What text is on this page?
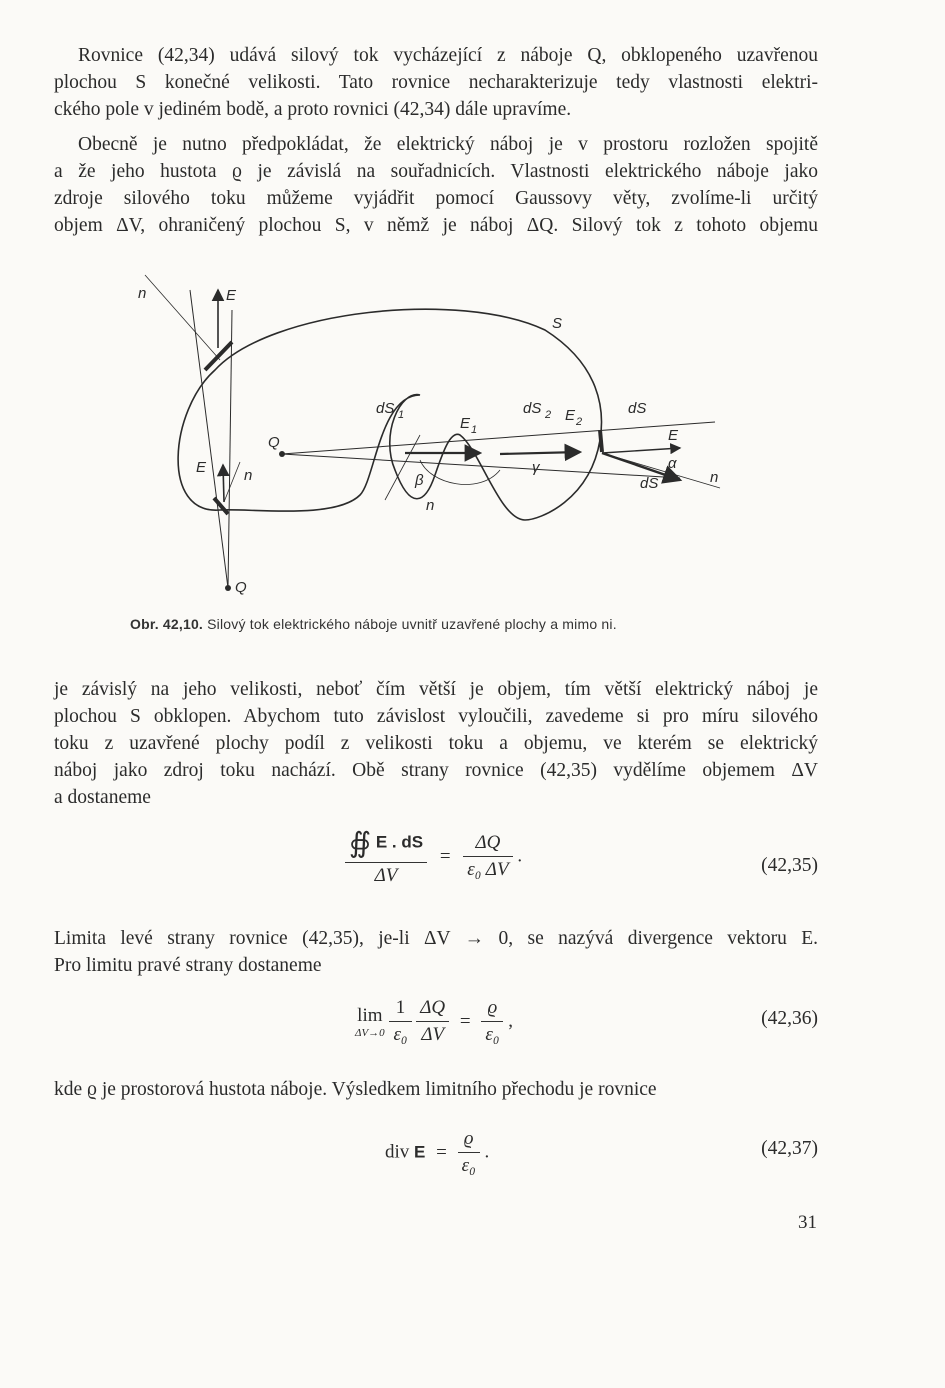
Rovnice (42,34) udává silový tok vycházející z náboje Q, obklopeného uzavřenou
plochou S konečné velikosti. Tato rovnice necharakterizuje tedy vlastnosti elektri-
ckého pole v jediném bodě, a proto rovnici (42,34) dále upravíme.
Obecně je nutno předpokládat, že elektrický náboj je v prostoru rozložen spojitě
a že jeho hustota ϱ je závislá na souřadnicích. Vlastnosti elektrického náboje jako
zdroje silového toku můžeme vyjádřit pomocí Gaussovy věty, zvolíme-li určitý
objem ΔV, ohraničený plochou S, v němž je náboj ΔQ. Silový tok z tohoto objemu
n	E
S
Q
dS 1	E 1
dS 2 E 2
dS
E
α
dS	n
β
γ
n
E	n
Q
Obr. 42,10. Silový tok elektrického náboje uvnitř uzavřené plochy a mimo ni.
je závislý na jeho velikosti, neboť čím větší je objem, tím větší elektrický náboj je
plochou S obklopen. Abychom tuto závislost vyloučili, zavedeme si pro míru silového
toku z uzavřené plochy podíl z velikosti toku a objemu, ve kterém se elektrický
náboj jako zdroj toku nachází. Obě strany rovnice (42,35) vydělíme objemem ΔV
a dostaneme
$\frac{∯ E . dS}{\Delta V} = \frac{\Delta Q}{\text{ε₀ ΔV}}$ .	(42,35)
Limita levé strany rovnice (42,35), je-li ΔV → 0, se nazývá divergence vektoru E.
Pro limitu pravé strany dostaneme
lim
ΔV→0
$\frac{1}{\text{ε₀}}$
$\frac{\Delta Q}{\Delta V} = \frac{ϱ}{\text{ε₀}}$ ,	(42,36)
kde ϱ je prostorová hustota náboje. Výsledkem limitního přechodu je rovnice
div $E = \frac{ϱ}{\text{ε₀}}$ .	(42,37)
31
